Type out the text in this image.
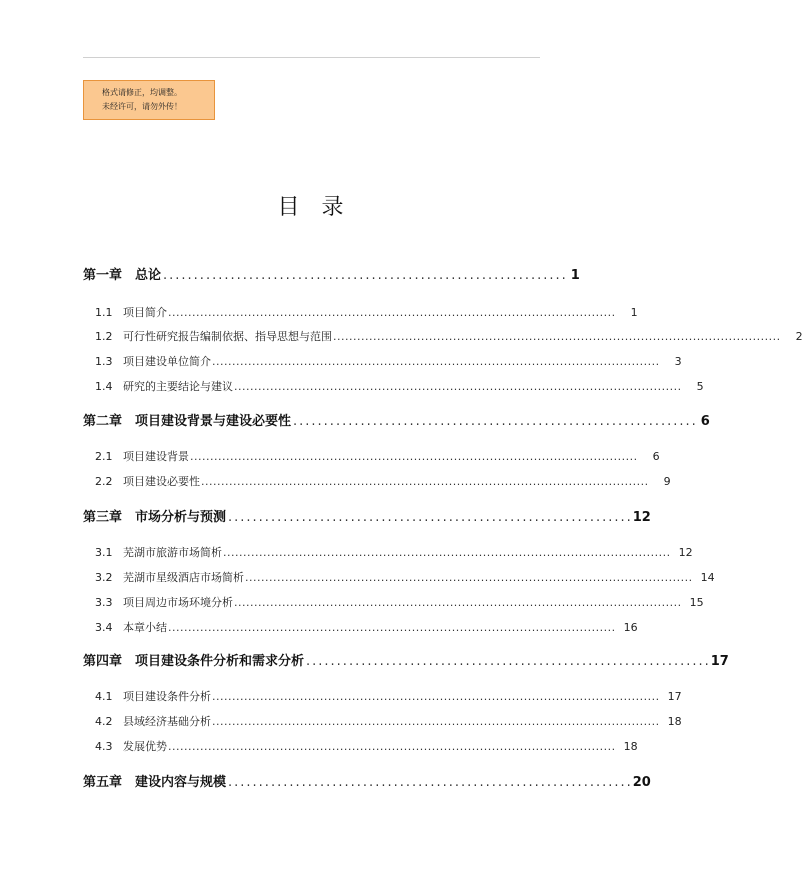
格式请修正，均调整。
未经许可，请勿外传！
目录
第一章　总论 .................................................................. 1
1.1 项目简介 ................................................................................................................	1
1.2 可行性研究报告编制依据、指导思想与范围 ................................................................................................................	2
1.3 项目建设单位简介 ................................................................................................................	3
1.4 研究的主要结论与建议 ................................................................................................................	5
第二章　项目建设背景与建设必要性 .................................................................. 6
2.1 项目建设背景 ................................................................................................................	6
2.2 项目建设必要性 ................................................................................................................	9
第三章　市场分析与预测 .................................................................. 12
3.1 芜湖市旅游市场简析 ................................................................................................................ 12
3.2 芜湖市星级酒店市场简析 ................................................................................................................ 14
3.3 项目周边市场环境分析 ................................................................................................................ 15
3.4 本章小结 ................................................................................................................ 16
第四章　项目建设条件分析和需求分析 .................................................................. 17
4.1 项目建设条件分析 ................................................................................................................ 17
4.2 县域经济基础分析 ................................................................................................................ 18
4.3 发展优势 ................................................................................................................ 18
第五章　建设内容与规模 .................................................................. 20
